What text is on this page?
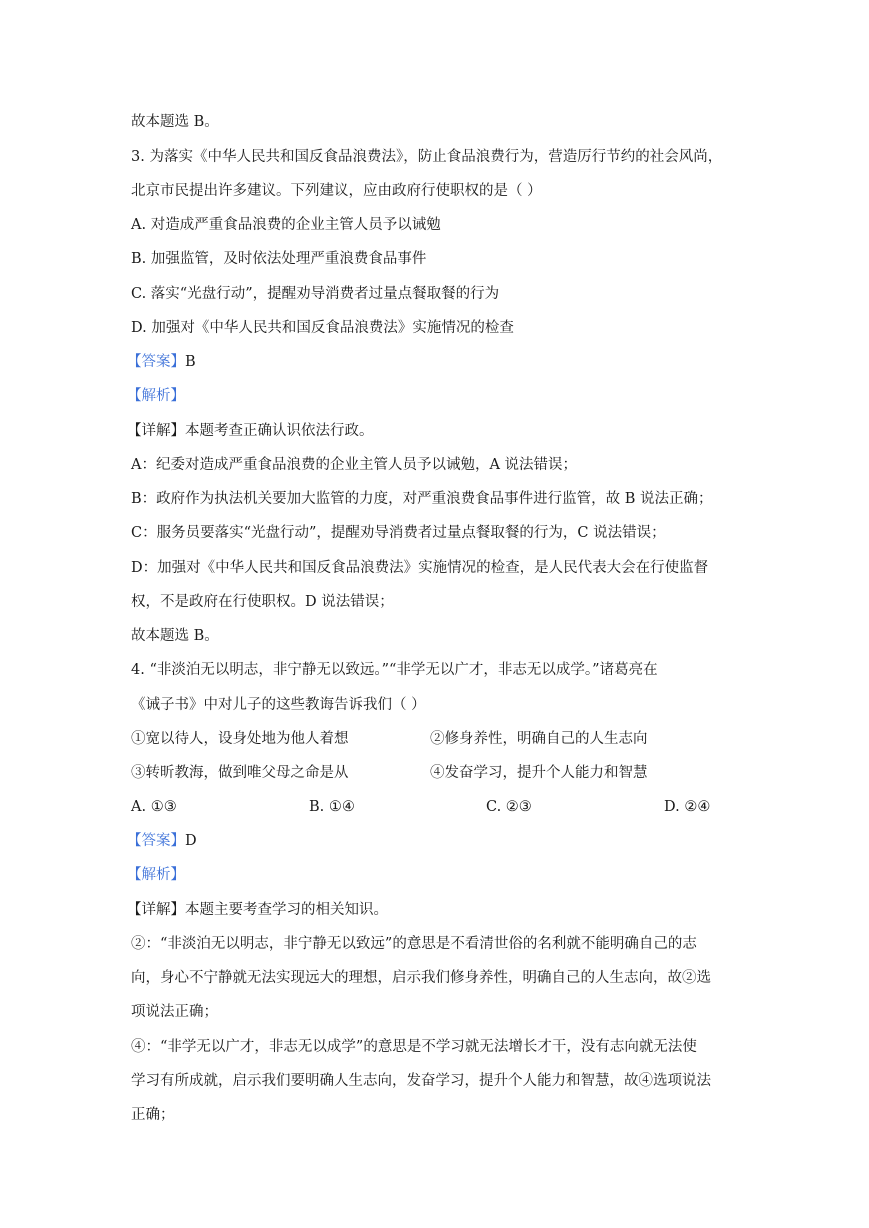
故本题选 B。
3. 为落实《中华人民共和国反食品浪费法》，防止食品浪费行为，营造厉行节约的社会风尚，
北京市民提出许多建议。下列建议，应由政府行使职权的是（ ）
A. 对造成严重食品浪费的企业主管人员予以诫勉
B. 加强监管，及时依法处理严重浪费食品事件
C. 落实“光盘行动”，提醒劝导消费者过量点餐取餐的行为
D. 加强对《中华人民共和国反食品浪费法》实施情况的检查
【答案】B
【解析】
【详解】本题考查正确认识依法行政。
A：纪委对造成严重食品浪费的企业主管人员予以诫勉，A 说法错误；
B：政府作为执法机关要加大监管的力度，对严重浪费食品事件进行监管，故 B 说法正确；
C：服务员要落实“光盘行动”，提醒劝导消费者过量点餐取餐的行为，C 说法错误；
D：加强对《中华人民共和国反食品浪费法》实施情况的检查，是人民代表大会在行使监督
权，不是政府在行使职权。D 说法错误；
故本题选 B。
4. “非淡泊无以明志，非宁静无以致远。”“非学无以广才，非志无以成学。”诸葛亮在
《诫子书》中对儿子的这些教诲告诉我们（ ）
①宽以待人，设身处地为他人着想	②修身养性，明确自己的人生志向
③转昕教海，做到唯父母之命是从	④发奋学习，提升个人能力和智慧
A. ①③	B. ①④	C. ②③	D. ②④
【答案】D
【解析】
【详解】本题主要考查学习的相关知识。
②：“非淡泊无以明志，非宁静无以致远”的意思是不看清世俗的名利就不能明确自己的志
向，身心不宁静就无法实现远大的理想，启示我们修身养性，明确自己的人生志向，故②选
项说法正确；
④：“非学无以广才，非志无以成学”的意思是不学习就无法增长才干，没有志向就无法使
学习有所成就，启示我们要明确人生志向，发奋学习，提升个人能力和智慧，故④选项说法
正确；
